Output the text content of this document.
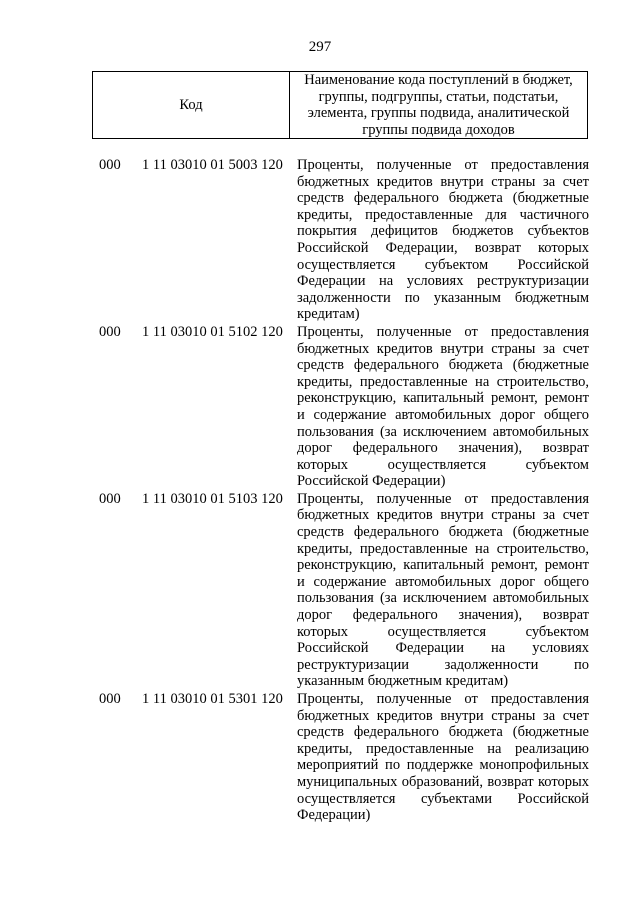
297
Код
Наименование кода поступлений в бюджет, группы, подгруппы, статьи, подстатьи, элемента, группы подвида, аналитической группы подвида доходов
000	1 11 03010 01 5003 120 Проценты, полученные от предоставления бюджетных кредитов внутри страны за счет средств федерального бюджета (бюджетные кредиты, предоставленные для частичного покрытия дефицитов бюджетов субъектов Российской Федерации, возврат которых осуществляется субъектом Российской Федерации на условиях реструктуризации задолженности по указанным бюджетным кредитам)
000	1 11 03010 01 5102 120 Проценты, полученные от предоставления бюджетных кредитов внутри страны за счет средств федерального бюджета (бюджетные кредиты, предоставленные на строительство, реконструкцию, капитальный ремонт, ремонт и содержание автомобильных дорог общего пользования (за исключением автомобильных дорог федерального значения), возврат которых осуществляется субъектом Российской Федерации)
000	1 11 03010 01 5103 120 Проценты, полученные от предоставления бюджетных кредитов внутри страны за счет средств федерального бюджета (бюджетные кредиты, предоставленные на строительство, реконструкцию, капитальный ремонт, ремонт и содержание автомобильных дорог общего пользования (за исключением автомобильных дорог федерального значения), возврат которых осуществляется субъектом Российской Федерации на условиях реструктуризации задолженности по указанным бюджетным кредитам)
000	1 11 03010 01 5301 120 Проценты, полученные от предоставления бюджетных кредитов внутри страны за счет средств федерального бюджета (бюджетные кредиты, предоставленные на реализацию мероприятий по поддержке монопрофильных муниципальных образований, возврат которых осуществляется субъектами Российской Федерации)
